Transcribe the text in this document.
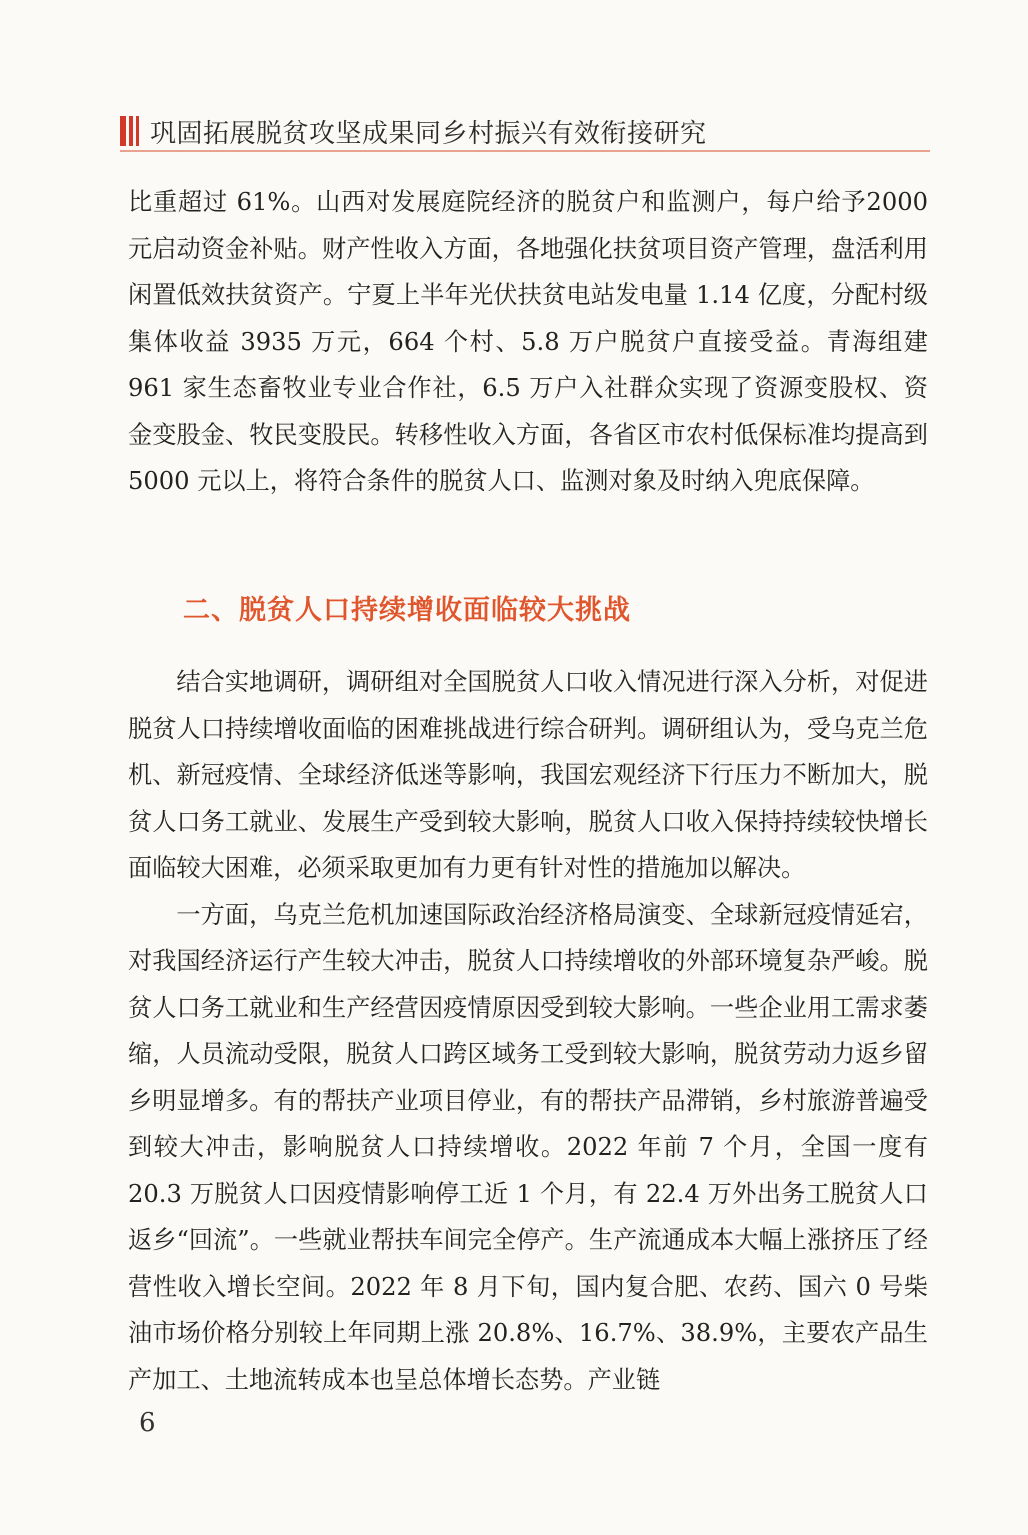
巩固拓展脱贫攻坚成果同乡村振兴有效衔接研究

比重超过 61%。山西对发展庭院经济的脱贫户和监测户，每户给予2000 元启动资金补贴。财产性收入方面，各地强化扶贫项目资产管理，盘活利用闲置低效扶贫资产。宁夏上半年光伏扶贫电站发电量 1.14 亿度，分配村级集体收益 3935 万元，664 个村、5.8 万户脱贫户直接受益。青海组建 961 家生态畜牧业专业合作社，6.5 万户入社群众实现了资源变股权、资金变股金、牧民变股民。转移性收入方面，各省区市农村低保标准均提高到 5000 元以上，将符合条件的脱贫人口、监测对象及时纳入兜底保障。

二、脱贫人口持续增收面临较大挑战

结合实地调研，调研组对全国脱贫人口收入情况进行深入分析，对促进脱贫人口持续增收面临的困难挑战进行综合研判。调研组认为，受乌克兰危机、新冠疫情、全球经济低迷等影响，我国宏观经济下行压力不断加大，脱贫人口务工就业、发展生产受到较大影响，脱贫人口收入保持持续较快增长面临较大困难，必须采取更加有力更有针对性的措施加以解决。

一方面，乌克兰危机加速国际政治经济格局演变、全球新冠疫情延宕，对我国经济运行产生较大冲击，脱贫人口持续增收的外部环境复杂严峻。脱贫人口务工就业和生产经营因疫情原因受到较大影响。一些企业用工需求萎缩，人员流动受限，脱贫人口跨区域务工受到较大影响，脱贫劳动力返乡留乡明显增多。有的帮扶产业项目停业，有的帮扶产品滞销，乡村旅游普遍受到较大冲击，影响脱贫人口持续增收。2022 年前 7 个月，全国一度有 20.3 万脱贫人口因疫情影响停工近 1 个月，有 22.4 万外出务工脱贫人口返乡“回流”。一些就业帮扶车间完全停产。生产流通成本大幅上涨挤压了经营性收入增长空间。2022 年 8 月下旬，国内复合肥、农药、国六 0 号柴油市场价格分别较上年同期上涨 20.8%、16.7%、38.9%，主要农产品生产加工、土地流转成本也呈总体增长态势。产业链

6
